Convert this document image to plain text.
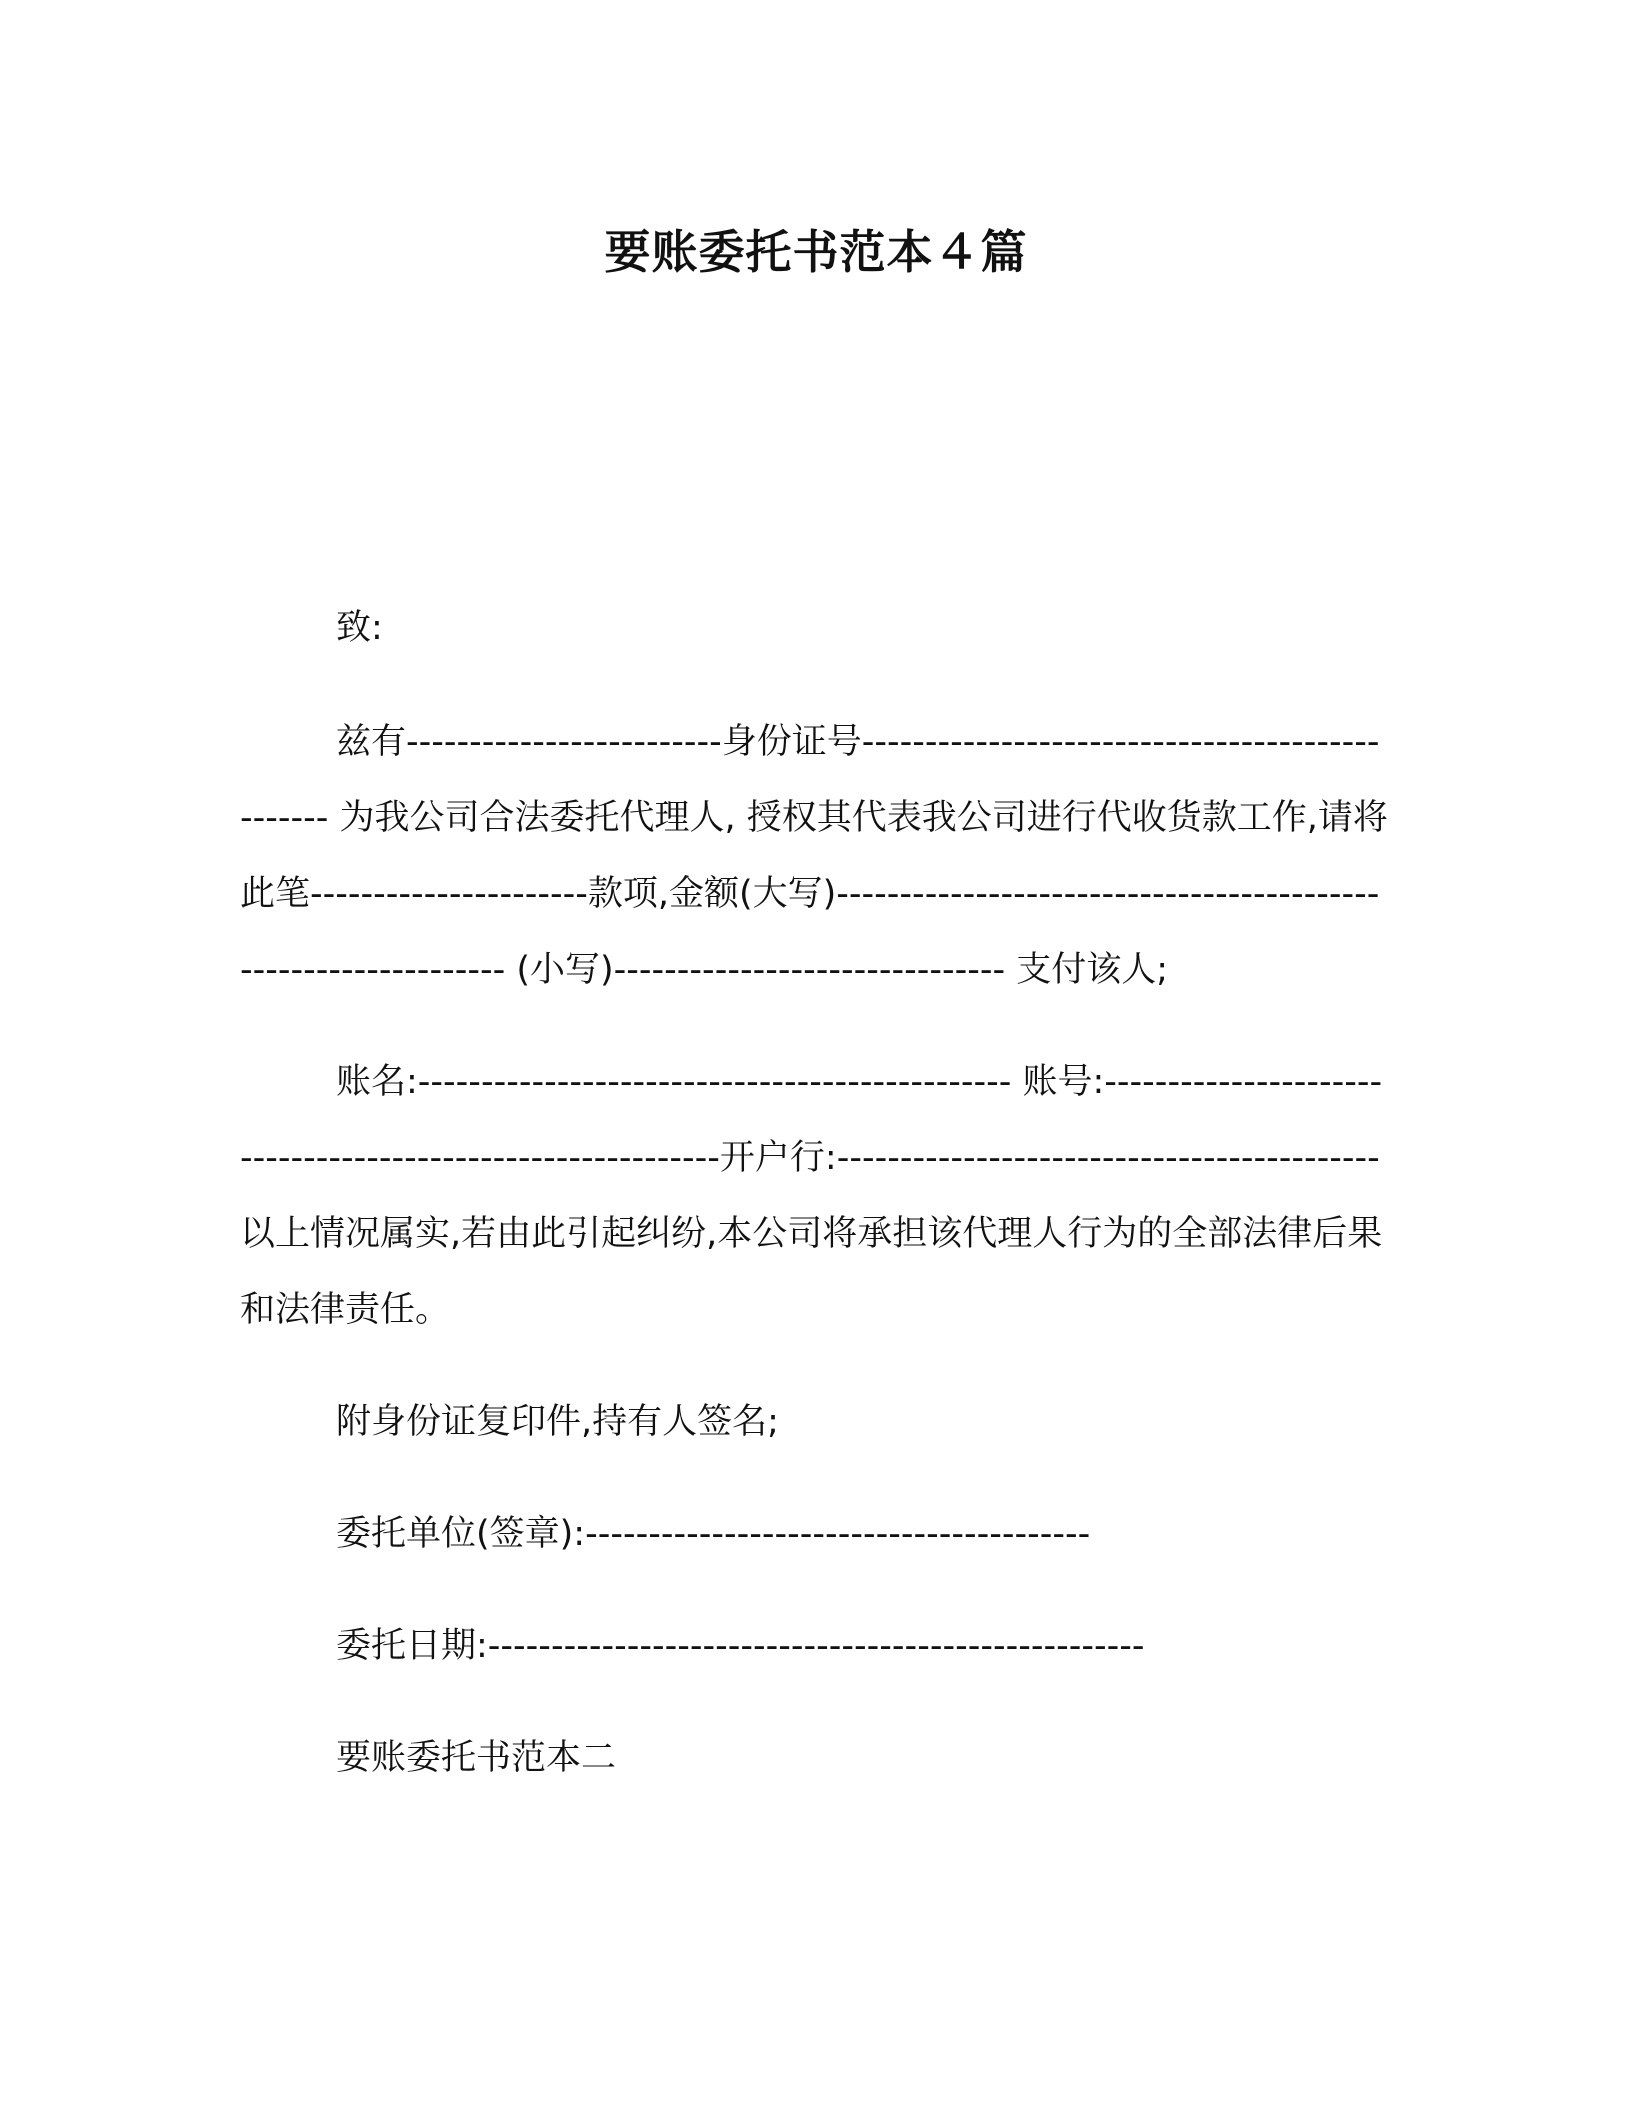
要账委托书范本４篇

致:

兹有-------------------------身份证号------------------------------------------------ 为我公司合法委托代理人, 授权其代表我公司进行代收货款工作,请将此笔----------------------款项,金额(大写)---------------------------------------------------------------- (小写)------------------------------- 支付该人;

账名:----------------------------------------------- 账号:------------------------------------------------------------开户行:-------------------------------------------以上情况属实,若由此引起纠纷,本公司将承担该代理人行为的全部法律后果和法律责任。

附身份证复印件,持有人签名;

委托单位(签章):----------------------------------------

委托日期:----------------------------------------------------

要账委托书范本二
